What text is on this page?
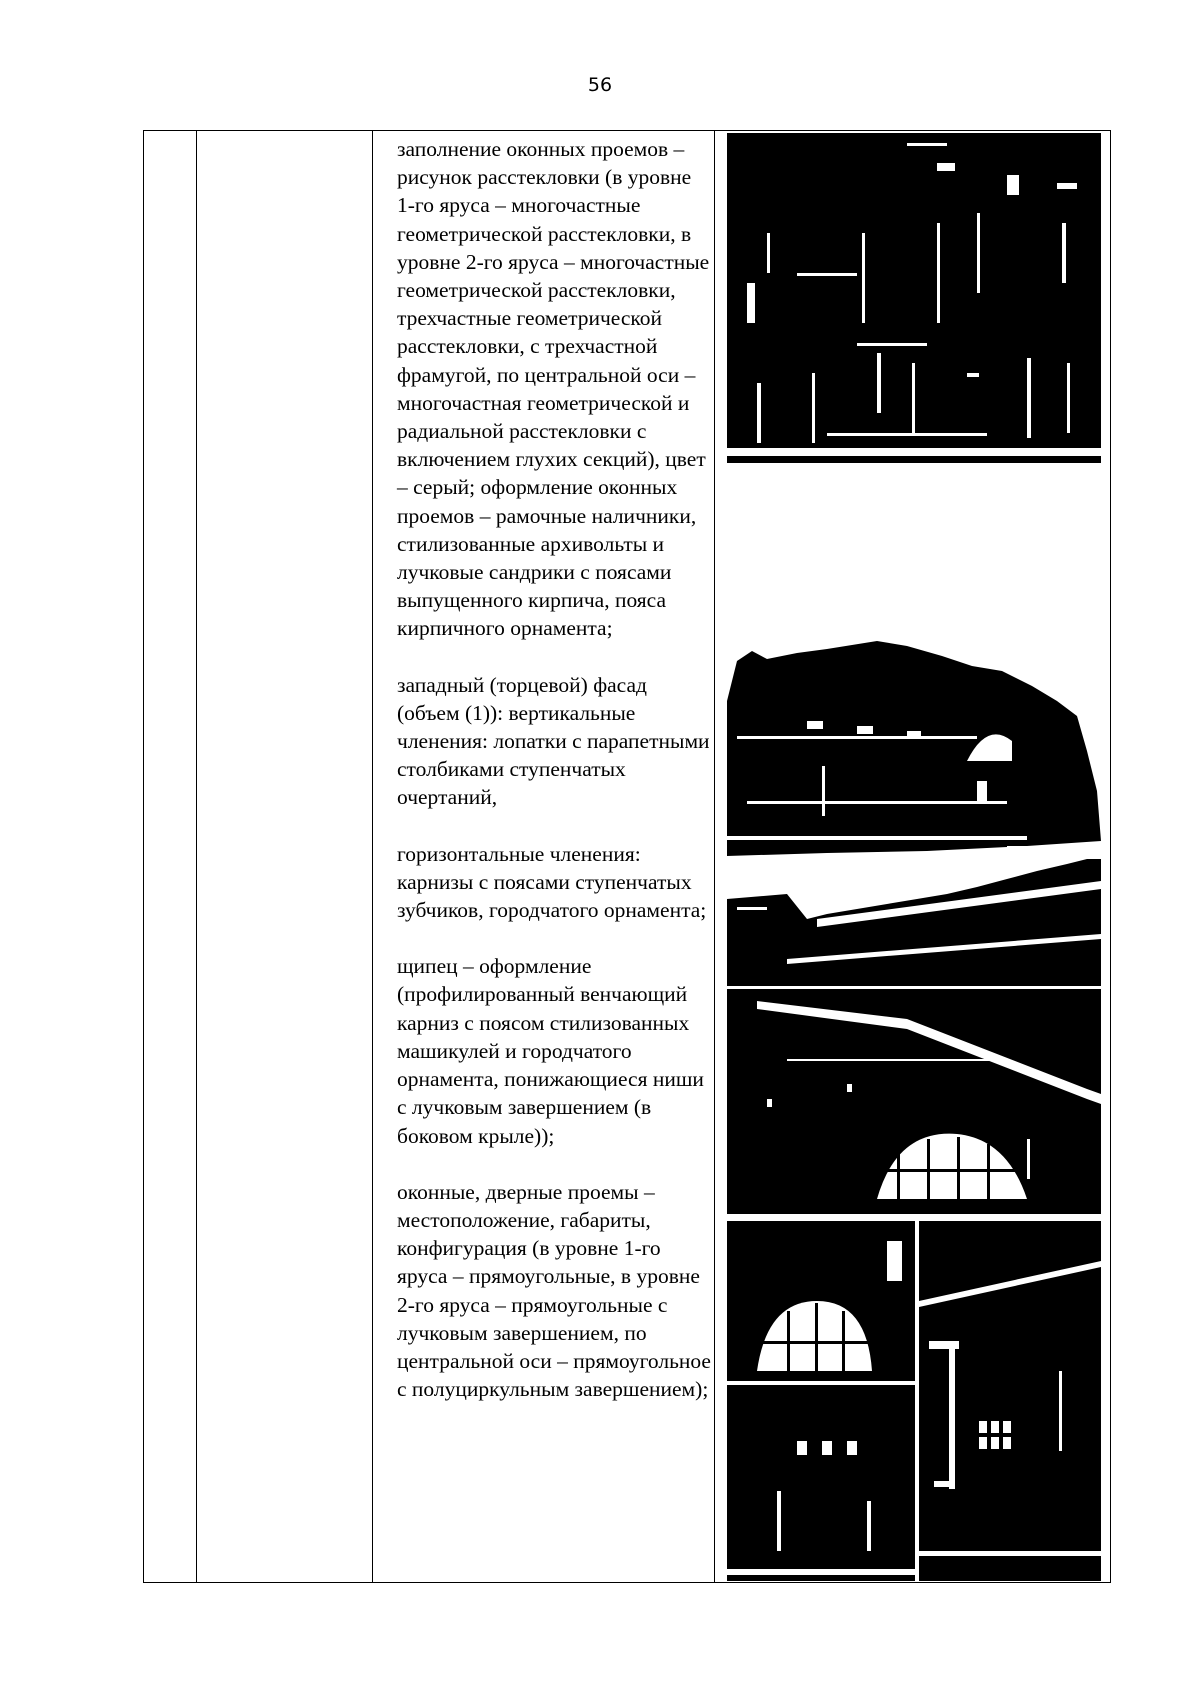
56

заполнение оконных проемов –рисунок расстекловки (в уровне 1-го яруса – многочастные геометрической расстекловки, в уровне 2-го яруса – многочастные геометрической расстекловки, трехчастные геометрической расстекловки, с трехчастной фрамугой, по центральной оси – многочастная геометрической и радиальной расстекловки с включением глухих секций), цвет – серый; оформление оконных проемов – рамочные наличники, стилизованные архивольты и лучковые сандрики с поясами выпущенного кирпича, пояса кирпичного орнамента;

западный (торцевой) фасад (объем (1)): вертикальные членения: лопатки с парапетными столбиками ступенчатых очертаний,

горизонтальные членения: карнизы с поясами ступенчатых зубчиков, городчатого орнамента;

щипец – оформление (профилированный венчающий карниз с поясом стилизованных машикулей и городчатого орнамента, понижающиеся ниши с лучковым завершением (в боковом крыле));

оконные, дверные проемы – местоположение, габариты, конфигурация (в уровне 1-го яруса – прямоугольные, в уровне 2-го яруса – прямоугольные с лучковым завершением, по центральной оси – прямоугольное с полуциркульным завершением);
